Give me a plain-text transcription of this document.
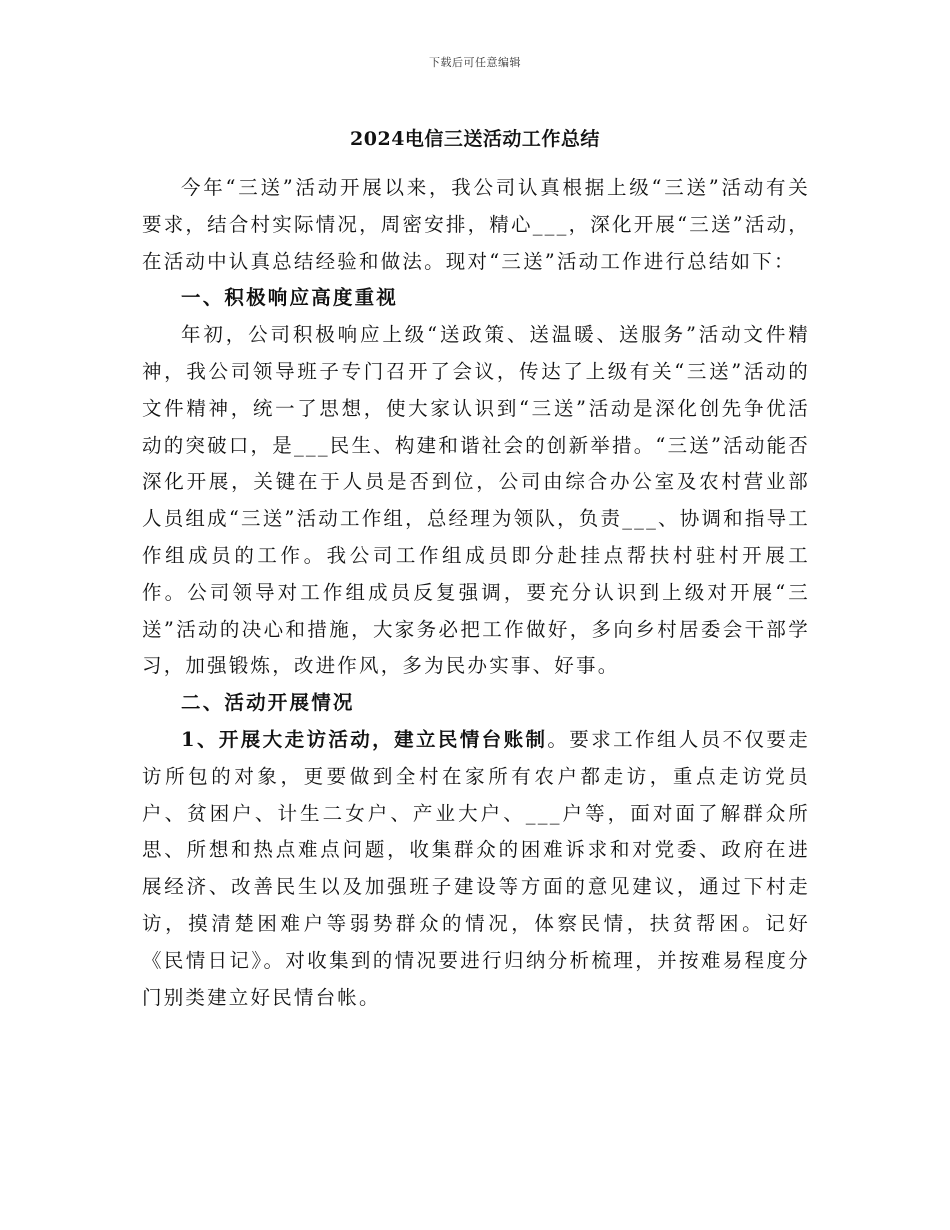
下载后可任意编辑
2024电信三送活动工作总结

今年“三送”活动开展以来，我公司认真根据上级“三送”活动有关要求，结合村实际情况，周密安排，精心___，深化开展“三送”活动，在活动中认真总结经验和做法。现对“三送”活动工作进行总结如下：

一、积极响应高度重视

年初，公司积极响应上级“送政策、送温暖、送服务”活动文件精神，我公司领导班子专门召开了会议，传达了上级有关“三送”活动的文件精神，统一了思想，使大家认识到“三送”活动是深化创先争优活动的突破口，是___民生、构建和谐社会的创新举措。“三送”活动能否深化开展，关键在于人员是否到位，公司由综合办公室及农村营业部人员组成“三送”活动工作组，总经理为领队，负责___、协调和指导工作组成员的工作。我公司工作组成员即分赴挂点帮扶村驻村开展工作。公司领导对工作组成员反复强调，要充分认识到上级对开展“三送”活动的决心和措施，大家务必把工作做好，多向乡村居委会干部学习，加强锻炼，改进作风，多为民办实事、好事。

二、活动开展情况

1、开展大走访活动，建立民情台账制。要求工作组人员不仅要走访所包的对象，更要做到全村在家所有农户都走访，重点走访党员户、贫困户、计生二女户、产业大户、___户等，面对面了解群众所思、所想和热点难点问题，收集群众的困难诉求和对党委、政府在进展经济、改善民生以及加强班子建设等方面的意见建议，通过下村走访，摸清楚困难户等弱势群众的情况，体察民情，扶贫帮困。记好《民情日记》。对收集到的情况要进行归纳分析梳理，并按难易程度分门别类建立好民情台帐。
